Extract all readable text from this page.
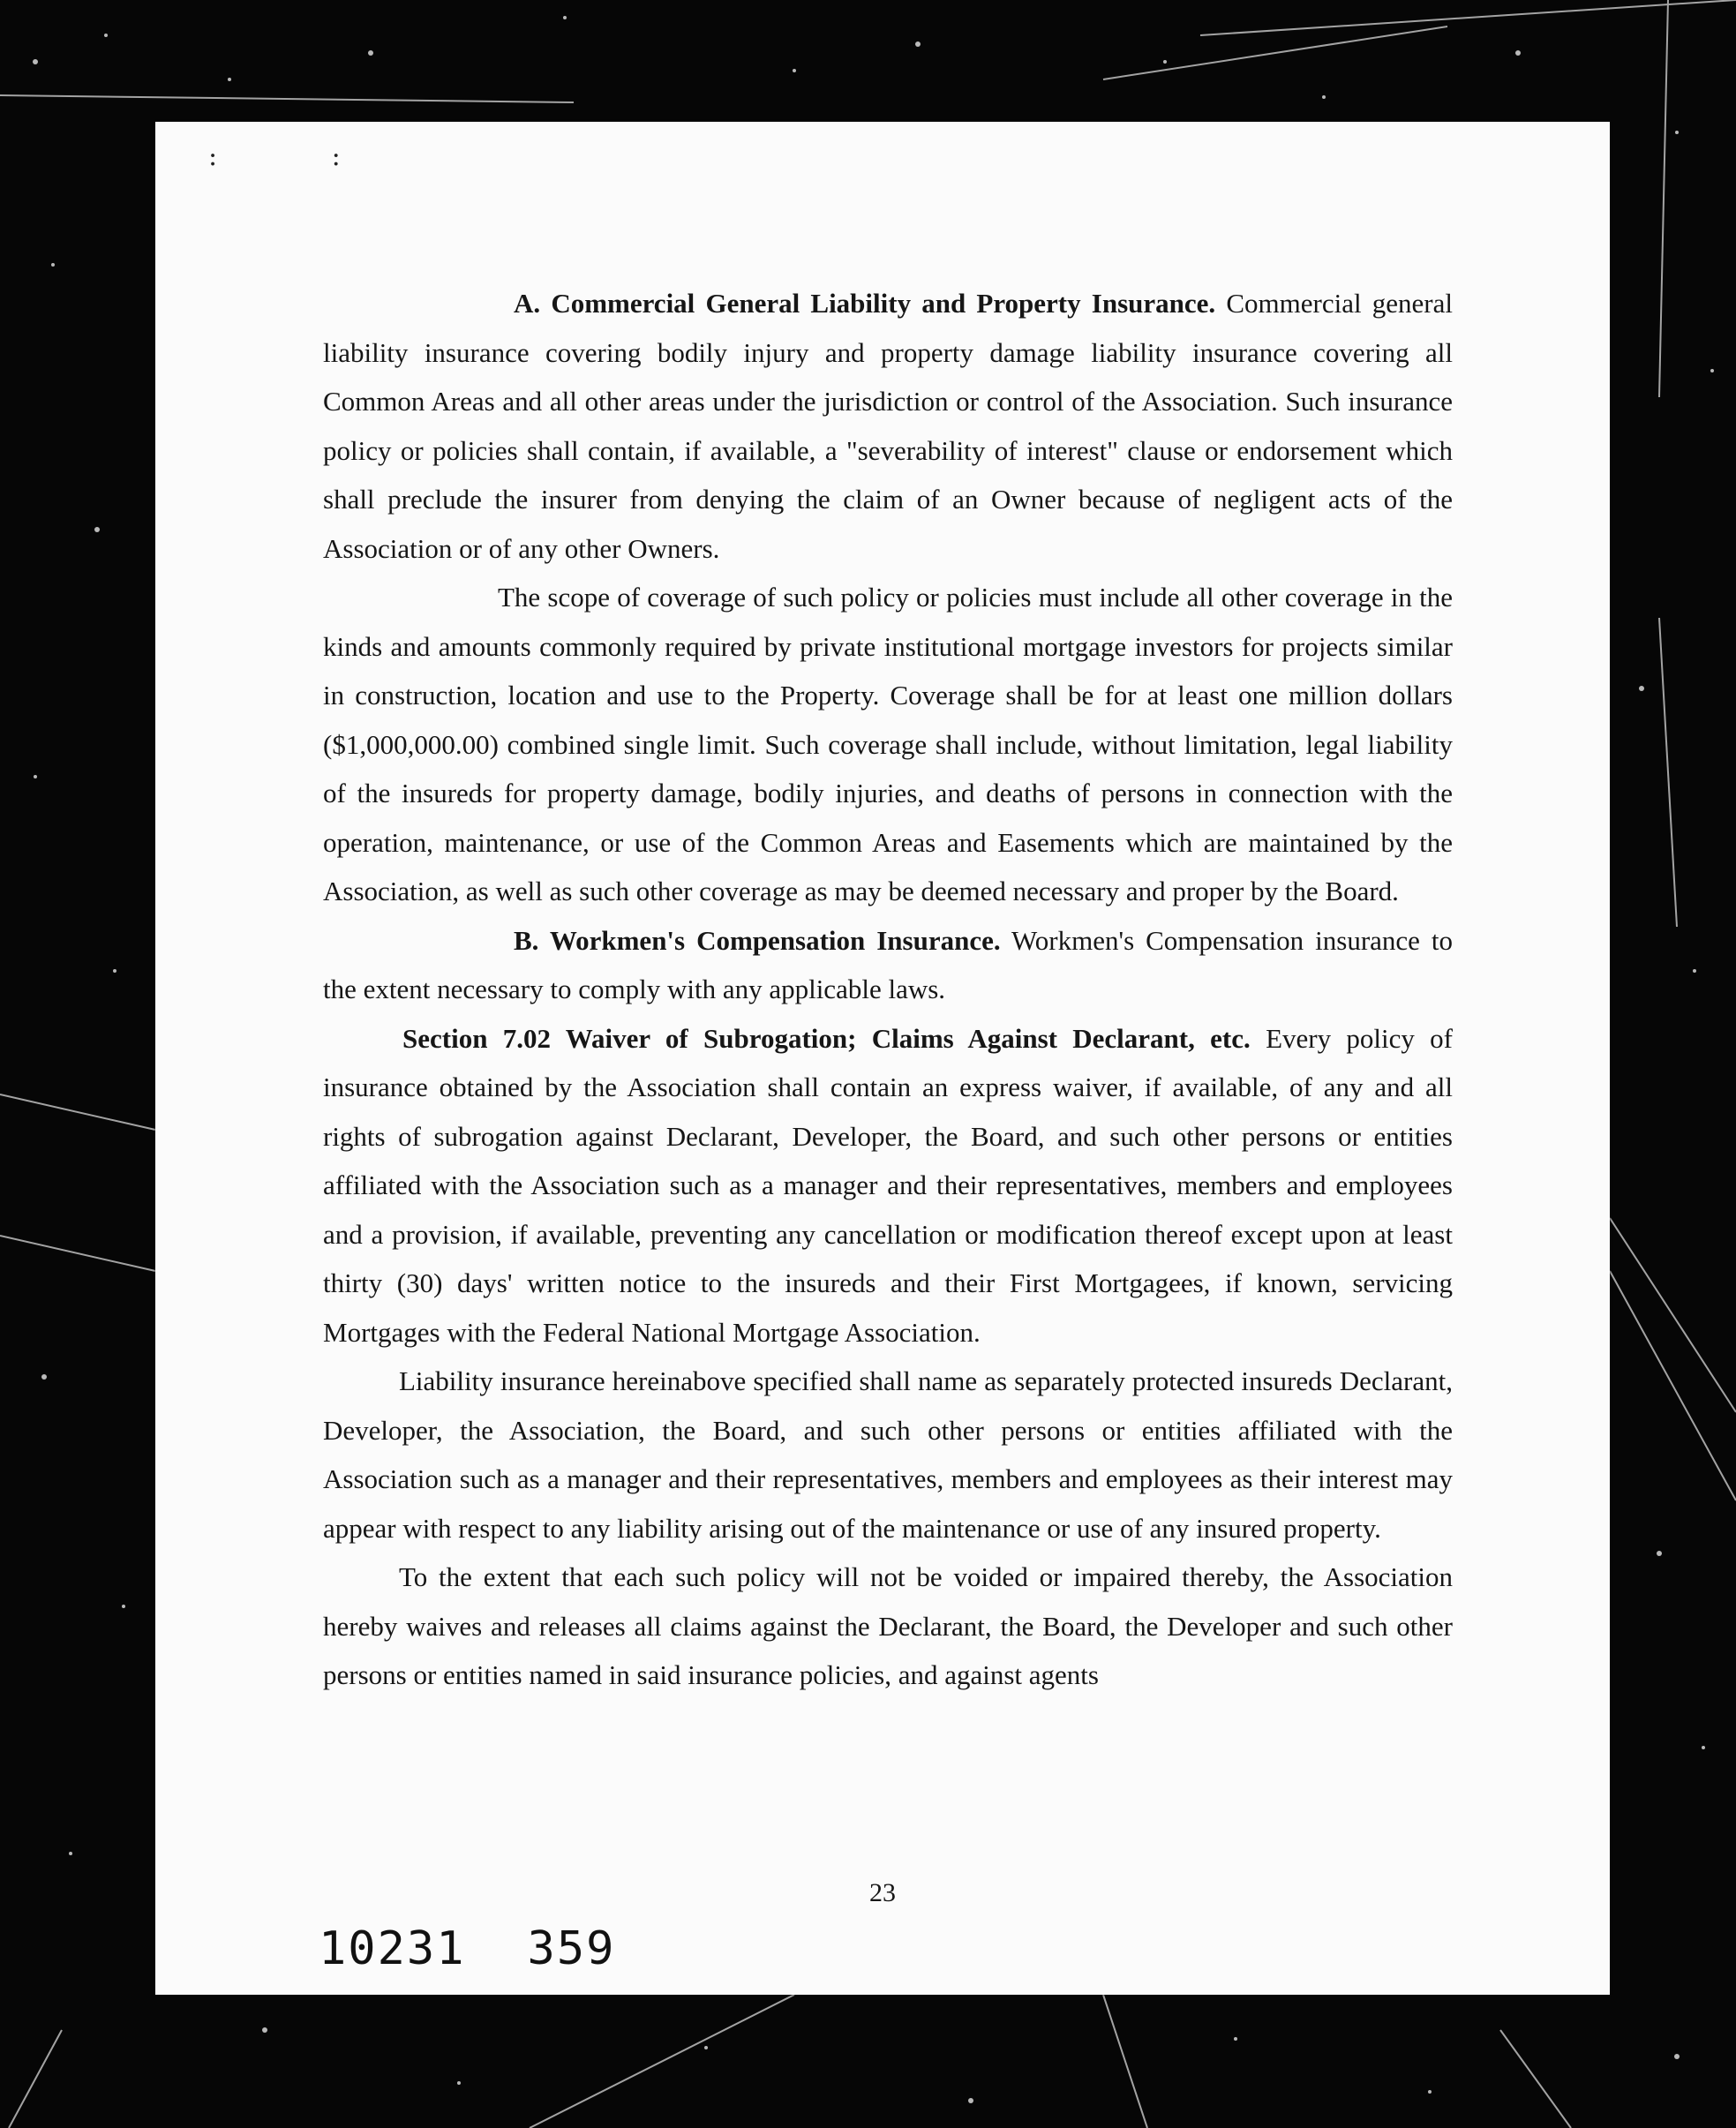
: :

A. Commercial General Liability and Property Insurance. Commercial general liability insurance covering bodily injury and property damage liability insurance covering all Common Areas and all other areas under the jurisdiction or control of the Association. Such insurance policy or policies shall contain, if available, a "severability of interest" clause or endorsement which shall preclude the insurer from denying the claim of an Owner because of negligent acts of the Association or of any other Owners.

The scope of coverage of such policy or policies must include all other coverage in the kinds and amounts commonly required by private institutional mortgage investors for projects similar in construction, location and use to the Property. Coverage shall be for at least one million dollars ($1,000,000.00) combined single limit. Such coverage shall include, without limitation, legal liability of the insureds for property damage, bodily injuries, and deaths of persons in connection with the operation, maintenance, or use of the Common Areas and Easements which are maintained by the Association, as well as such other coverage as may be deemed necessary and proper by the Board.

B. Workmen's Compensation Insurance. Workmen's Compensation insurance to the extent necessary to comply with any applicable laws.

Section 7.02 Waiver of Subrogation; Claims Against Declarant, etc. Every policy of insurance obtained by the Association shall contain an express waiver, if available, of any and all rights of subrogation against Declarant, Developer, the Board, and such other persons or entities affiliated with the Association such as a manager and their representatives, members and employees and a provision, if available, preventing any cancellation or modification thereof except upon at least thirty (30) days' written notice to the insureds and their First Mortgagees, if known, servicing Mortgages with the Federal National Mortgage Association.

Liability insurance hereinabove specified shall name as separately protected insureds Declarant, Developer, the Association, the Board, and such other persons or entities affiliated with the Association such as a manager and their representatives, members and employees as their interest may appear with respect to any liability arising out of the maintenance or use of any insured property.

To the extent that each such policy will not be voided or impaired thereby, the Association hereby waives and releases all claims against the Declarant, the Board, the Developer and such other persons or entities named in said insurance policies, and against agents

23
10231 359
